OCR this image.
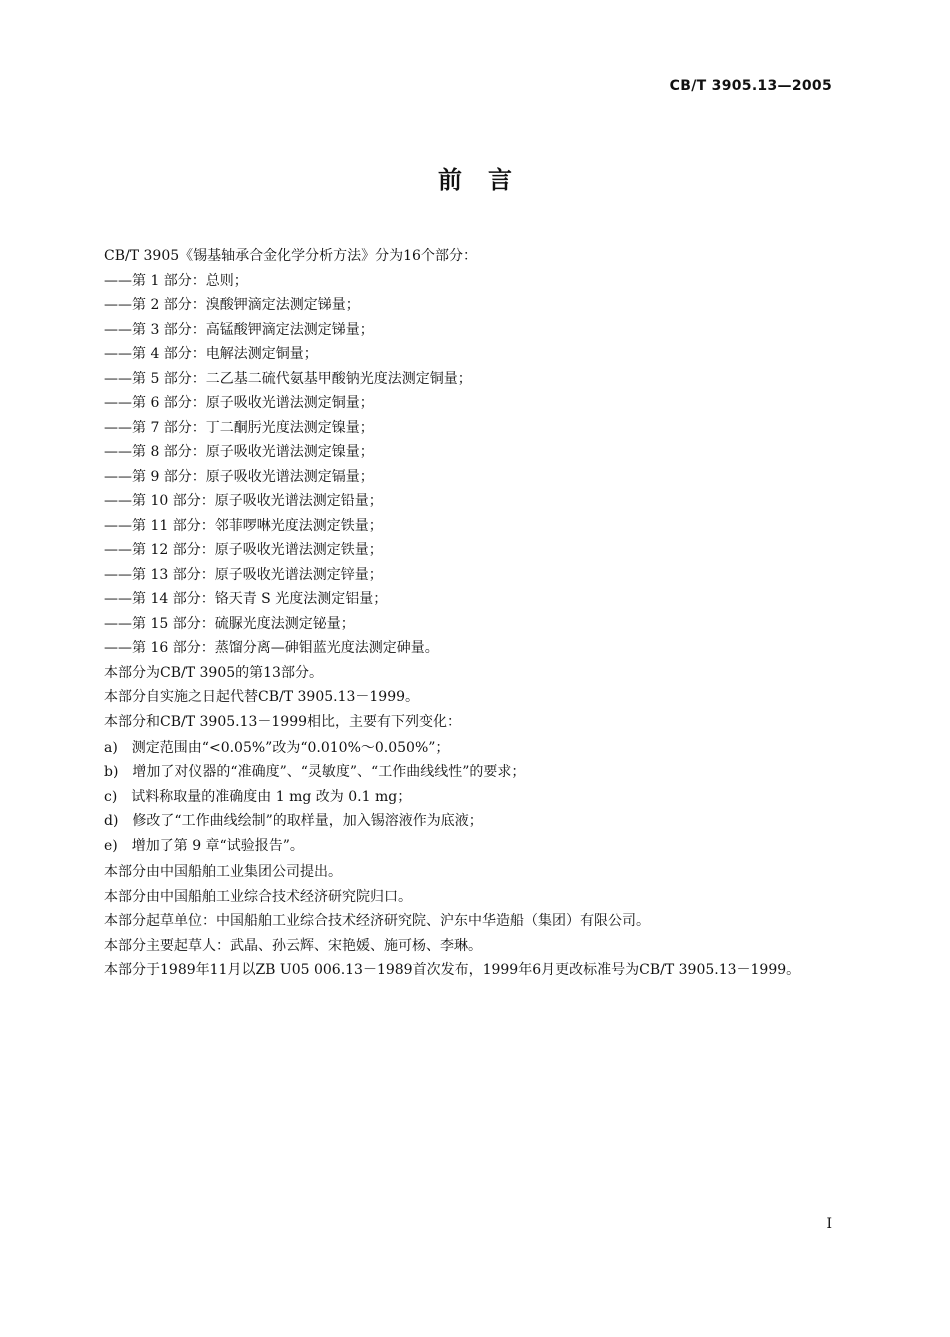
CB/T 3905.13—2005
前言
CB/T 3905《锡基轴承合金化学分析方法》分为16个部分：
——第 1 部分：总则；
——第 2 部分：溴酸钾滴定法测定锑量；
——第 3 部分：高锰酸钾滴定法测定锑量；
——第 4 部分：电解法测定铜量；
——第 5 部分：二乙基二硫代氨基甲酸钠光度法测定铜量；
——第 6 部分：原子吸收光谱法测定铜量；
——第 7 部分：丁二酮肟光度法测定镍量；
——第 8 部分：原子吸收光谱法测定镍量；
——第 9 部分：原子吸收光谱法测定镉量；
——第 10 部分：原子吸收光谱法测定铅量；
——第 11 部分：邻菲啰啉光度法测定铁量；
——第 12 部分：原子吸收光谱法测定铁量；
——第 13 部分：原子吸收光谱法测定锌量；
——第 14 部分：铬天青 S 光度法测定铝量；
——第 15 部分：硫脲光度法测定铋量；
——第 16 部分：蒸馏分离—砷钼蓝光度法测定砷量。
本部分为CB/T 3905的第13部分。
本部分自实施之日起代替CB/T 3905.13－1999。
本部分和CB/T 3905.13－1999相比，主要有下列变化：
a)　测定范围由“<0.05%”改为“0.010%～0.050%”；
b)　增加了对仪器的“准确度”、“灵敏度”、“工作曲线线性”的要求；
c)　试料称取量的准确度由 1 mg 改为 0.1 mg；
d)　修改了“工作曲线绘制”的取样量，加入锡溶液作为底液；
e)　增加了第 9 章“试验报告”。
本部分由中国船舶工业集团公司提出。
本部分由中国船舶工业综合技术经济研究院归口。
本部分起草单位：中国船舶工业综合技术经济研究院、沪东中华造船（集团）有限公司。
本部分主要起草人：武晶、孙云辉、宋艳媛、施可杨、李琳。
本部分于1989年11月以ZB U05 006.13－1989首次发布，1999年6月更改标准号为CB/T 3905.13－1999。
I
